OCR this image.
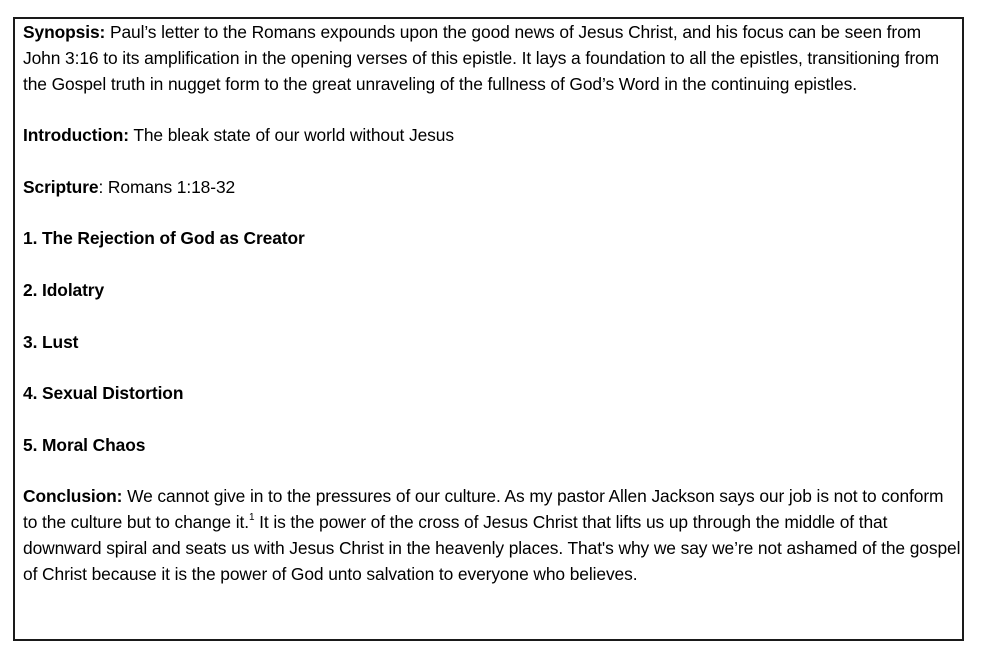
Synopsis: Paul’s letter to the Romans expounds upon the good news of Jesus Christ, and his focus can be seen from John 3:16 to its amplification in the opening verses of this epistle. It lays a foundation to all the epistles, transitioning from the Gospel truth in nugget form to the great unraveling of the fullness of God’s Word in the continuing epistles.

Introduction: The bleak state of our world without Jesus

Scripture: Romans 1:18-32

1. The Rejection of God as Creator

2. Idolatry

3. Lust

4. Sexual Distortion

5. Moral Chaos

Conclusion: We cannot give in to the pressures of our culture. As my pastor Allen Jackson says our job is not to conform to the culture but to change it.$^1$ It is the power of the cross of Jesus Christ that lifts us up through the middle of that downward spiral and seats us with Jesus Christ in the heavenly places. That's why we say we’re not ashamed of the gospel of Christ because it is the power of God unto salvation to everyone who believes.
